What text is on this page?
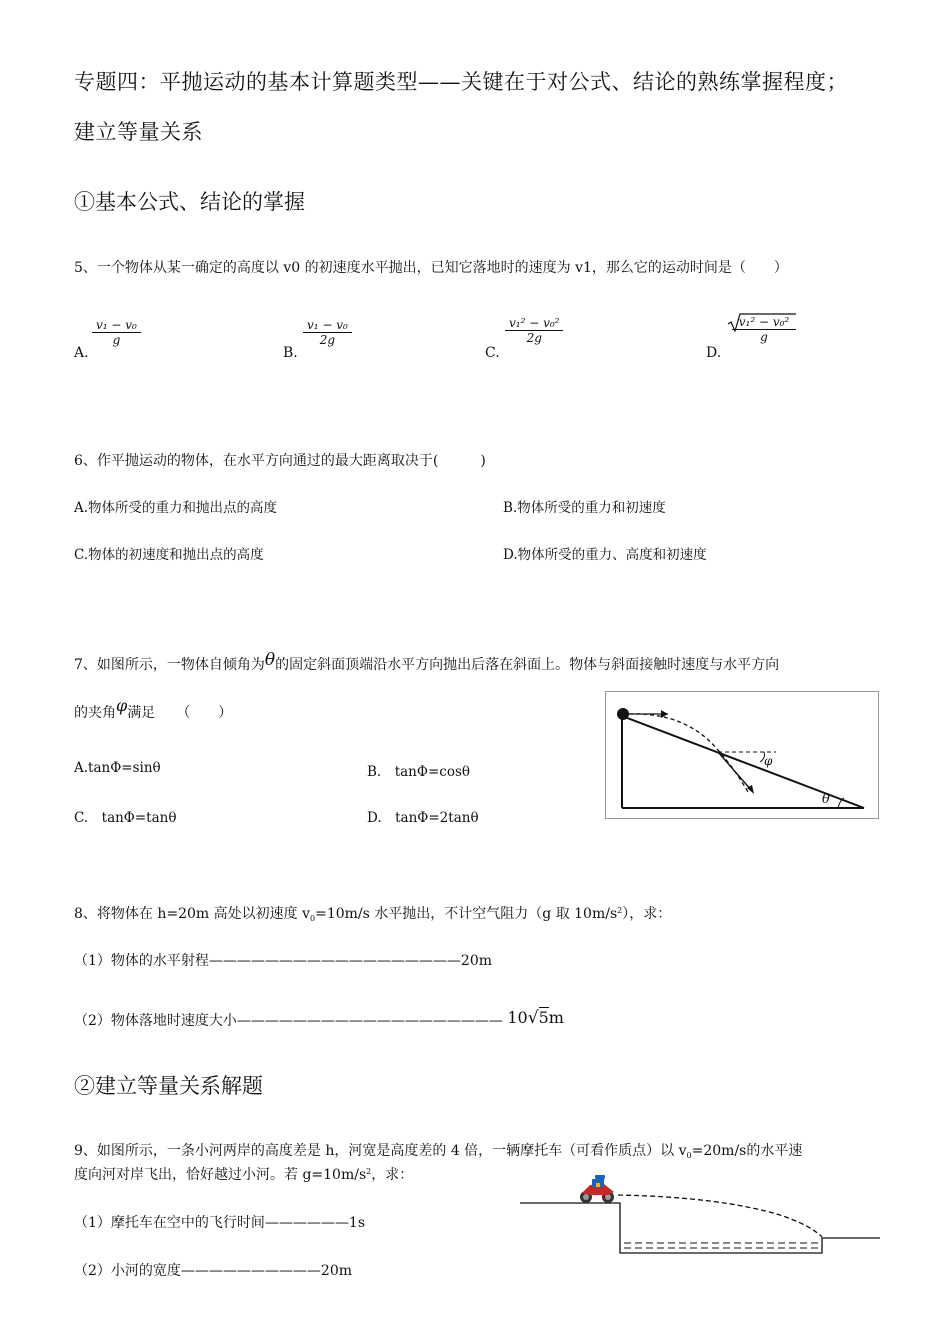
专题四：平抛运动的基本计算题类型——关键在于对公式、结论的熟练掌握程度；
建立等量关系
①基本公式、结论的掌握
5、一个物体从某一确定的高度以 v0 的初速度水平抛出，已知它落地时的速度为 v1，那么它的运动时间是（　　）
A.
$\frac{\text{v₁ − v₀}}{g}$
B.
$\frac{\text{v₁ − v₀}}{2g}$
C.
$\frac{\text{v₁² − v₀²}}{2g}$
D.
$\frac{\text{v₁² − v₀²}}{g}$
6、作平抛运动的物体，在水平方向通过的最大距离取决于(　　　)
A.物体所受的重力和抛出点的高度	B.物体所受的重力和初速度
C.物体的初速度和抛出点的高度	D.物体所受的重力、高度和初速度
7、如图所示，一物体自倾角为θ的固定斜面顶端沿水平方向抛出后落在斜面上。物体与斜面接触时速度与水平方向
的夹角φ满足　　（　　）
A.tanΦ=sinθ	B.　tanΦ=cosθ
C.　tanΦ=tanθ	D.　tanΦ=2tanθ
φ
θ
8、将物体在 h=20m 高处以初速度 $v_0=10m/s$ 水平抛出，不计空气阻力（g 取 $10m/s^2$），求：
（1）物体的水平射程——————————————————20m
（2）物体落地时速度大小——————————————————— 10√5m
②建立等量关系解题
9、如图所示，一条小河两岸的高度差是 h，河宽是高度差的 4 倍，一辆摩托车（可看作质点）以 $v_0=20m/s$的水平速
度向河对岸飞出，恰好越过小河。若 $g=10m/s^2$，求：
（1）摩托车在空中的飞行时间——————1s
（2）小河的宽度——————————20m
